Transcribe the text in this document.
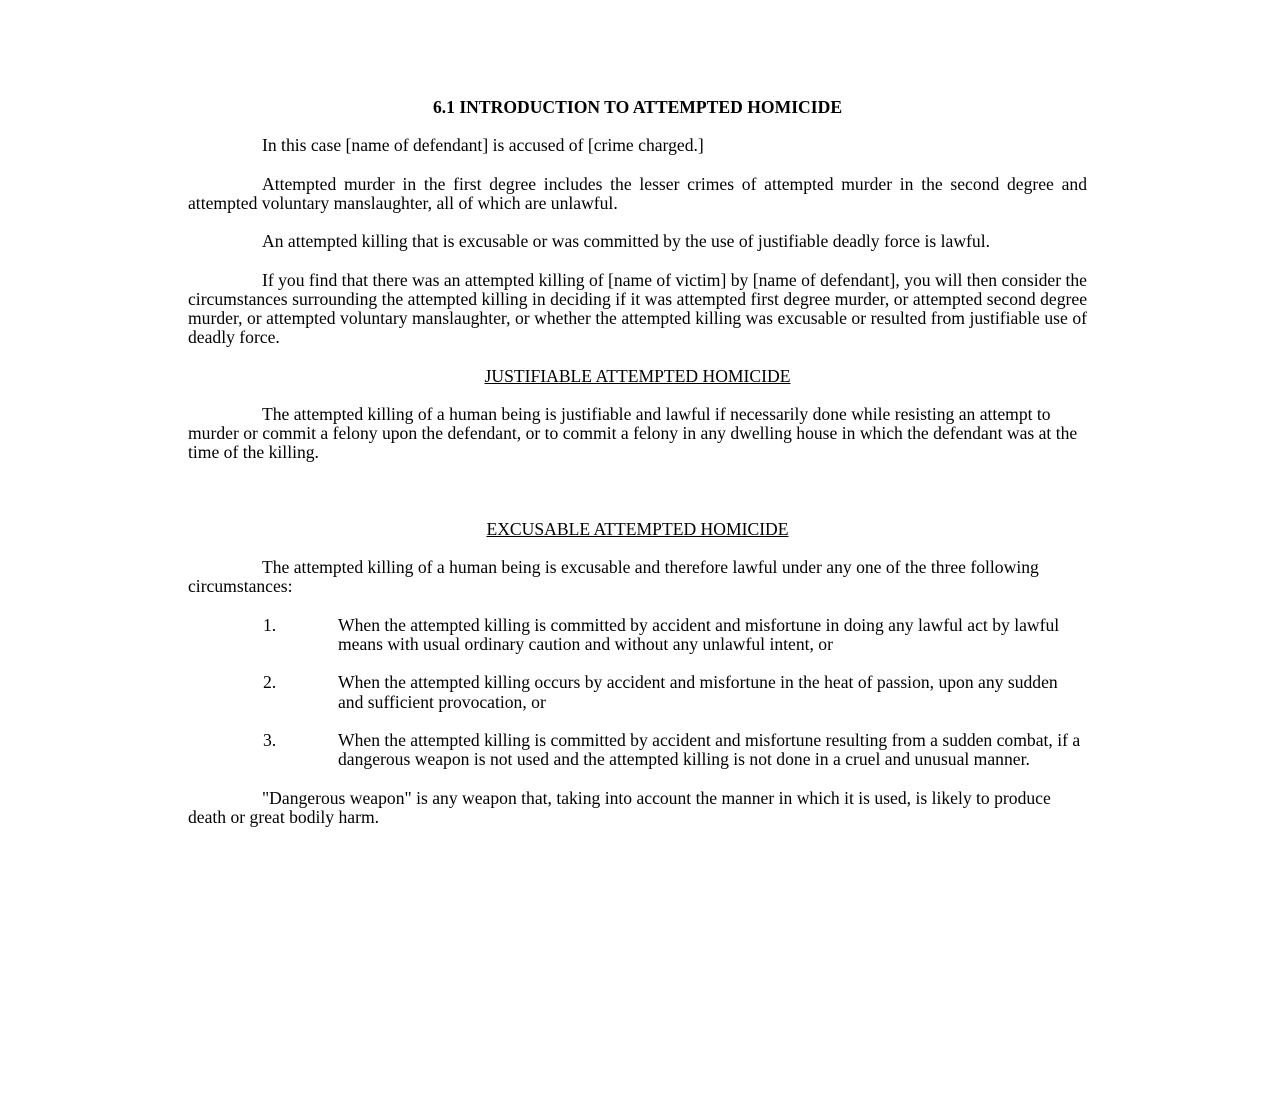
6.1 INTRODUCTION TO ATTEMPTED HOMICIDE

In this case [name of defendant] is accused of [crime charged.]

Attempted murder in the first degree includes the lesser crimes of attempted murder in the second degree and attempted voluntary manslaughter, all of which are unlawful.

An attempted killing that is excusable or was committed by the use of justifiable deadly force is lawful.

If you find that there was an attempted killing of [name of victim] by [name of defendant], you will then consider the circumstances surrounding the attempted killing in deciding if it was attempted first degree murder, or attempted second degree murder, or attempted voluntary manslaughter, or whether the attempted killing was excusable or resulted from justifiable use of deadly force.

JUSTIFIABLE ATTEMPTED HOMICIDE

The attempted killing of a human being is justifiable and lawful if necessarily done while resisting an attempt to murder or commit a felony upon the defendant, or to commit a felony in any dwelling house in which the defendant was at the time of the killing.

EXCUSABLE ATTEMPTED HOMICIDE

The attempted killing of a human being is excusable and therefore lawful under any one of the three following circumstances:

1.	When the attempted killing is committed by accident and misfortune in doing any lawful act by lawful means with usual ordinary caution and without any unlawful intent, or
2.	When the attempted killing occurs by accident and misfortune in the heat of passion, upon any sudden and sufficient provocation, or
3.	When the attempted killing is committed by accident and misfortune resulting from a sudden combat, if a dangerous weapon is not used and the attempted killing is not done in a cruel and unusual manner.

"Dangerous weapon" is any weapon that, taking into account the manner in which it is used, is likely to produce death or great bodily harm.
